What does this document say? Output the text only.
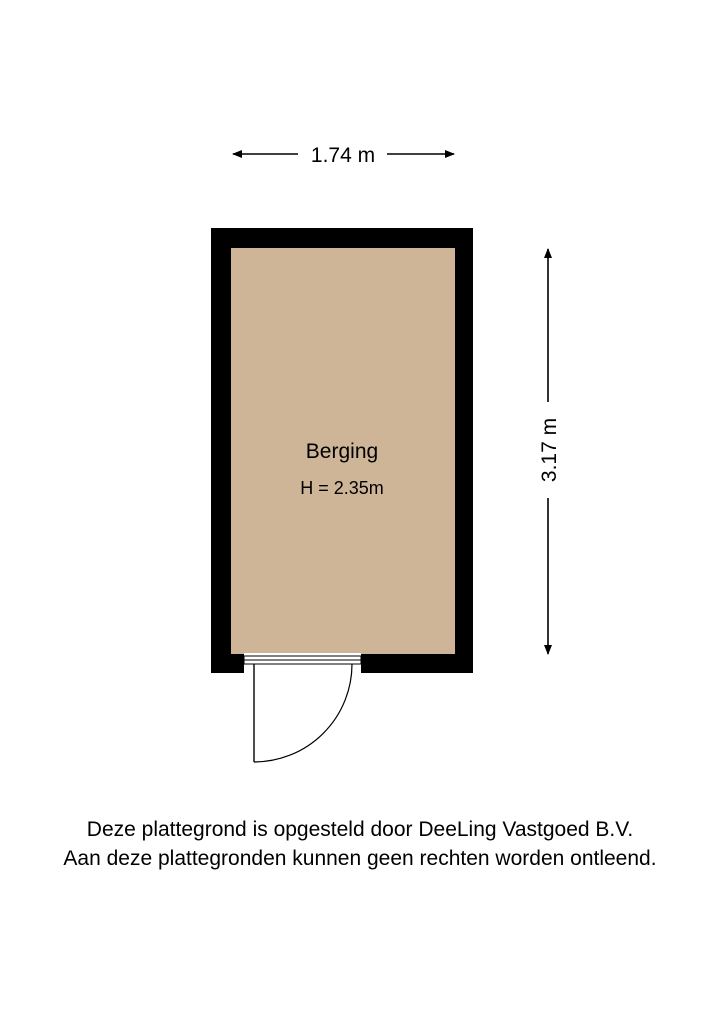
1.74 m
3.17 m
Berging
H = 2.35m
Deze plattegrond is opgesteld door DeeLing Vastgoed B.V.
Aan deze plattegronden kunnen geen rechten worden ontleend.
